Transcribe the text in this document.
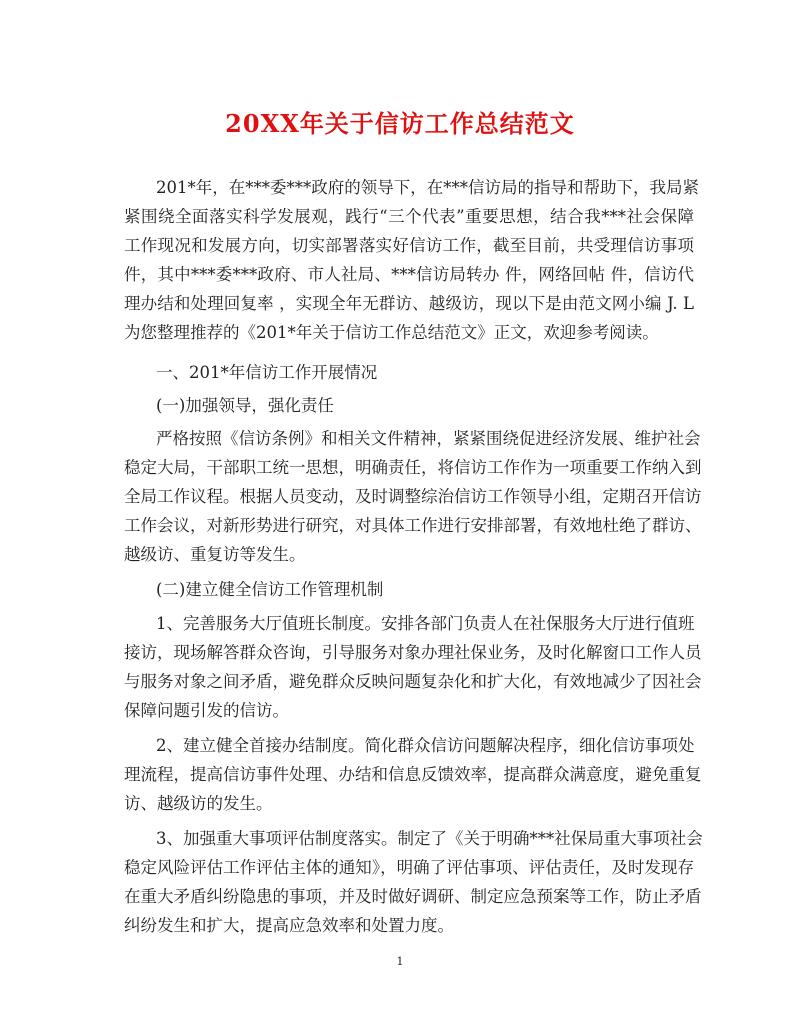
20XX年关于信访工作总结范文
201*年，在***委***政府的领导下，在***信访局的指导和帮助下，我局紧
紧围绕全面落实科学发展观，践行“三个代表”重要思想，结合我***社会保障
工作现况和发展方向，切实部署落实好信访工作，截至目前，共受理信访事项
件，其中***委***政府、市人社局、***信访局转办 件，网络回帖 件，信访代
理办结和处理回复率 ，实现全年无群访、越级访，现以下是由范文网小编 J. L
为您整理推荐的《201*年关于信访工作总结范文》正文，欢迎参考阅读。
一、201*年信访工作开展情况
(一)加强领导，强化责任
严格按照《信访条例》和相关文件精神，紧紧围绕促进经济发展、维护社会
稳定大局，干部职工统一思想，明确责任，将信访工作作为一项重要工作纳入到
全局工作议程。根据人员变动，及时调整综治信访工作领导小组，定期召开信访
工作会议，对新形势进行研究，对具体工作进行安排部署，有效地杜绝了群访、
越级访、重复访等发生。
(二)建立健全信访工作管理机制
1、完善服务大厅值班长制度。安排各部门负责人在社保服务大厅进行值班
接访，现场解答群众咨询，引导服务对象办理社保业务，及时化解窗口工作人员
与服务对象之间矛盾，避免群众反映问题复杂化和扩大化，有效地减少了因社会
保障问题引发的信访。
2、建立健全首接办结制度。简化群众信访问题解决程序，细化信访事项处
理流程，提高信访事件处理、办结和信息反馈效率，提高群众满意度，避免重复
访、越级访的发生。
3、加强重大事项评估制度落实。制定了《关于明确***社保局重大事项社会
稳定风险评估工作评估主体的通知》，明确了评估事项、评估责任，及时发现存
在重大矛盾纠纷隐患的事项，并及时做好调研、制定应急预案等工作，防止矛盾
纠纷发生和扩大，提高应急效率和处置力度。
1
